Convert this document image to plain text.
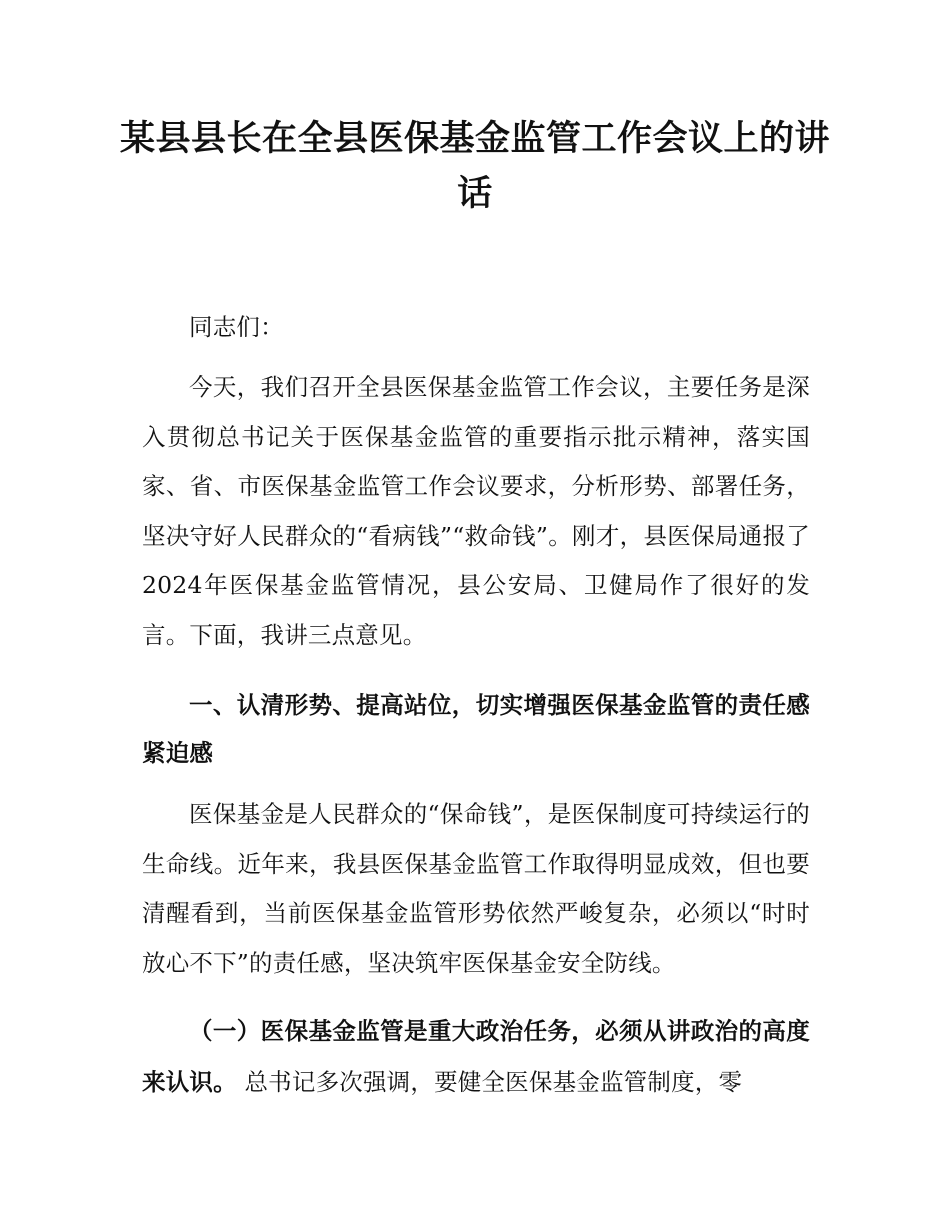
某县县长在全县医保基金监管工作会议上的讲话

同志们：

今天，我们召开全县医保基金监管工作会议，主要任务是深入贯彻总书记关于医保基金监管的重要指示批示精神，落实国家、省、市医保基金监管工作会议要求，分析形势、部署任务，坚决守好人民群众的“看病钱”“救命钱”。刚才，县医保局通报了2024年医保基金监管情况，县公安局、卫健局作了很好的发言。下面，我讲三点意见。

一、认清形势、提高站位，切实增强医保基金监管的责任感紧迫感

医保基金是人民群众的“保命钱”，是医保制度可持续运行的生命线。近年来，我县医保基金监管工作取得明显成效，但也要清醒看到，当前医保基金监管形势依然严峻复杂，必须以“时时放心不下”的责任感，坚决筑牢医保基金安全防线。

（一）医保基金监管是重大政治任务，必须从讲政治的高度来认识。 总书记多次强调，要健全医保基金监管制度，零
